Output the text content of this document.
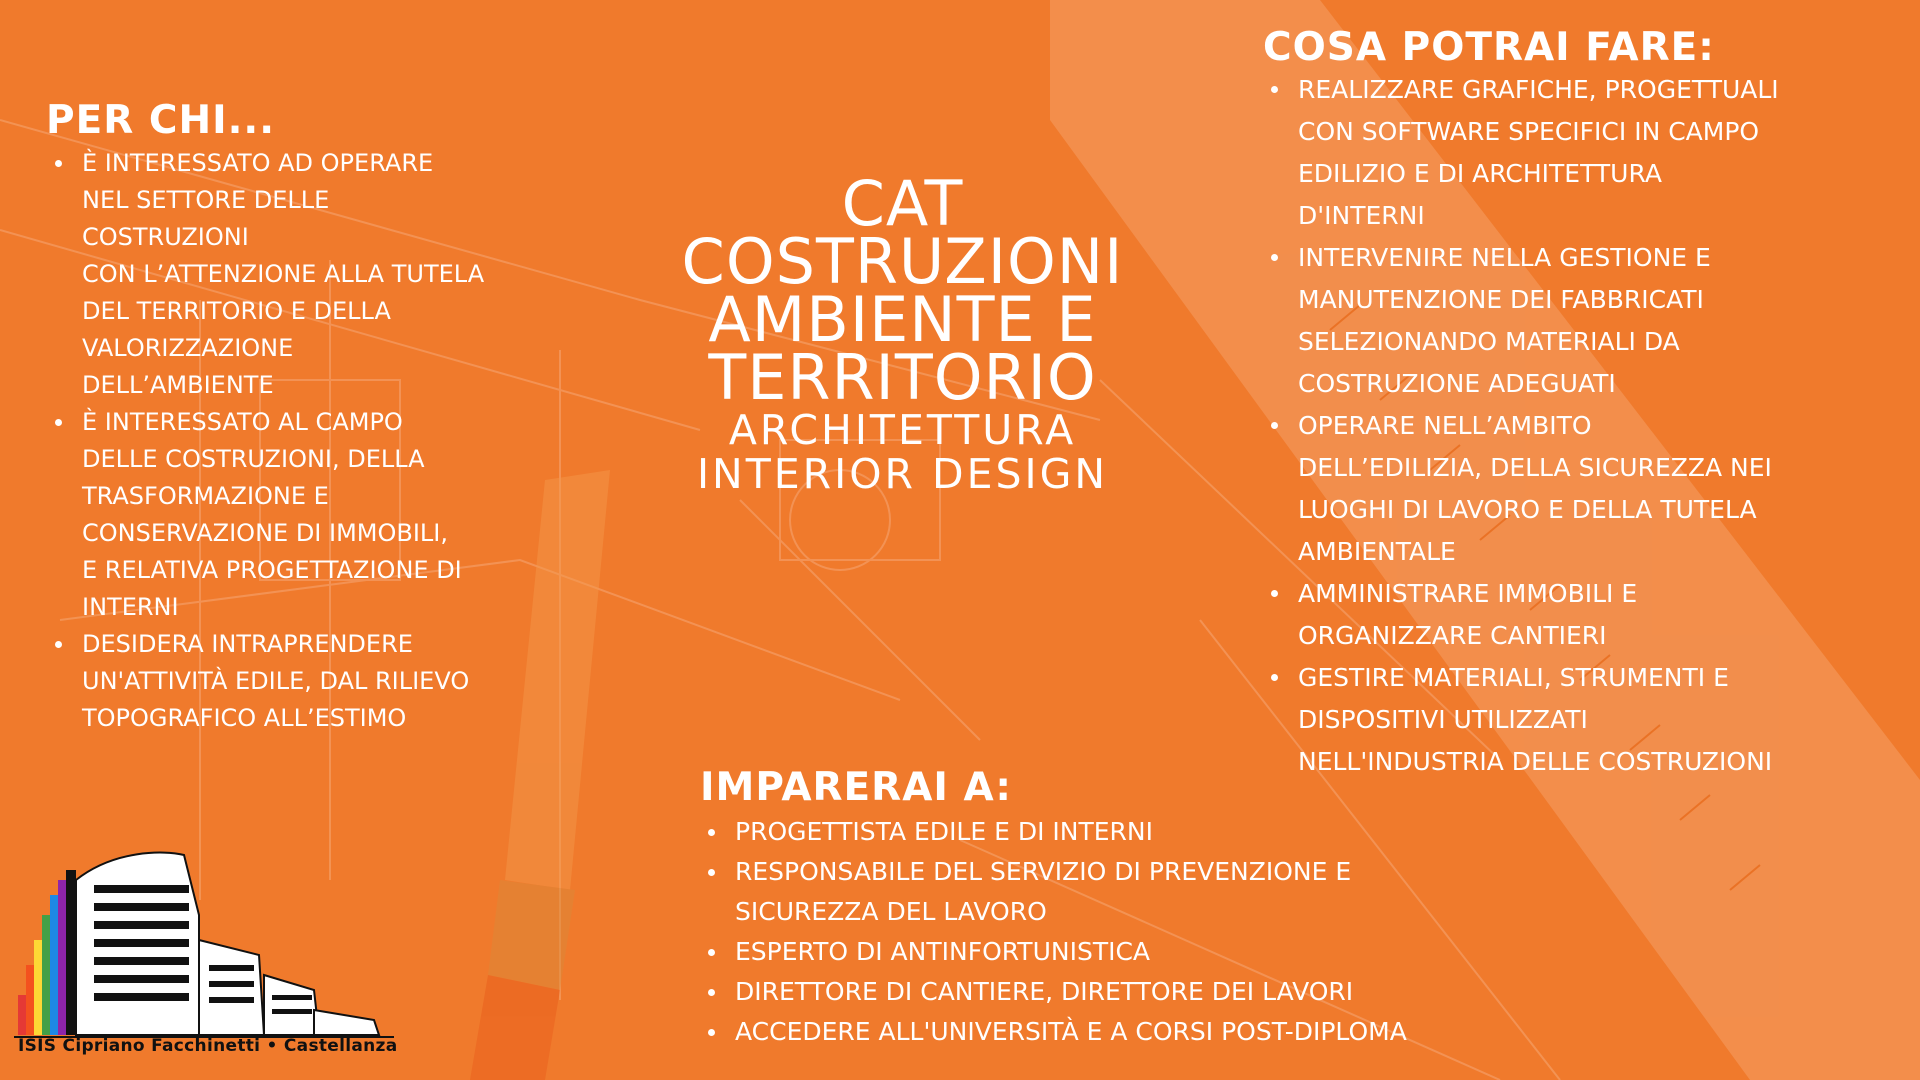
CAT
COSTRUZIONI
AMBIENTE E
TERRITORIO
ARCHITETTURA
INTERIOR DESIGN
PER CHI...
È INTERESSATO AD OPERARE
NEL SETTORE DELLE
COSTRUZIONI
CON L’ATTENZIONE ALLA TUTELA
DEL TERRITORIO E DELLA
VALORIZZAZIONE
DELL’AMBIENTE
È INTERESSATO AL CAMPO
DELLE COSTRUZIONI, DELLA
TRASFORMAZIONE E
CONSERVAZIONE DI IMMOBILI,
E RELATIVA PROGETTAZIONE DI
INTERNI
DESIDERA INTRAPRENDERE
UN'ATTIVITÀ EDILE, DAL RILIEVO
TOPOGRAFICO ALL’ESTIMO
COSA POTRAI FARE:
REALIZZARE GRAFICHE, PROGETTUALI
CON SOFTWARE SPECIFICI IN CAMPO
EDILIZIO E DI ARCHITETTURA
D'INTERNI
INTERVENIRE NELLA GESTIONE E
MANUTENZIONE DEI FABBRICATI
SELEZIONANDO MATERIALI DA
COSTRUZIONE ADEGUATI
OPERARE NELL’AMBITO
DELL’EDILIZIA, DELLA SICUREZZA NEI
LUOGHI DI LAVORO E DELLA TUTELA
AMBIENTALE
AMMINISTRARE IMMOBILI E
ORGANIZZARE CANTIERI
GESTIRE MATERIALI, STRUMENTI E
DISPOSITIVI UTILIZZATI
NELL'INDUSTRIA DELLE COSTRUZIONI
IMPARERAI A:
PROGETTISTA EDILE E DI INTERNI
RESPONSABILE DEL SERVIZIO DI PREVENZIONE E
SICUREZZA DEL LAVORO
ESPERTO DI ANTINFORTUNISTICA
DIRETTORE DI CANTIERE, DIRETTORE DEI LAVORI
ACCEDERE ALL'UNIVERSITÀ E A CORSI POST-DIPLOMA
ISIS Cipriano Facchinetti • Castellanza
